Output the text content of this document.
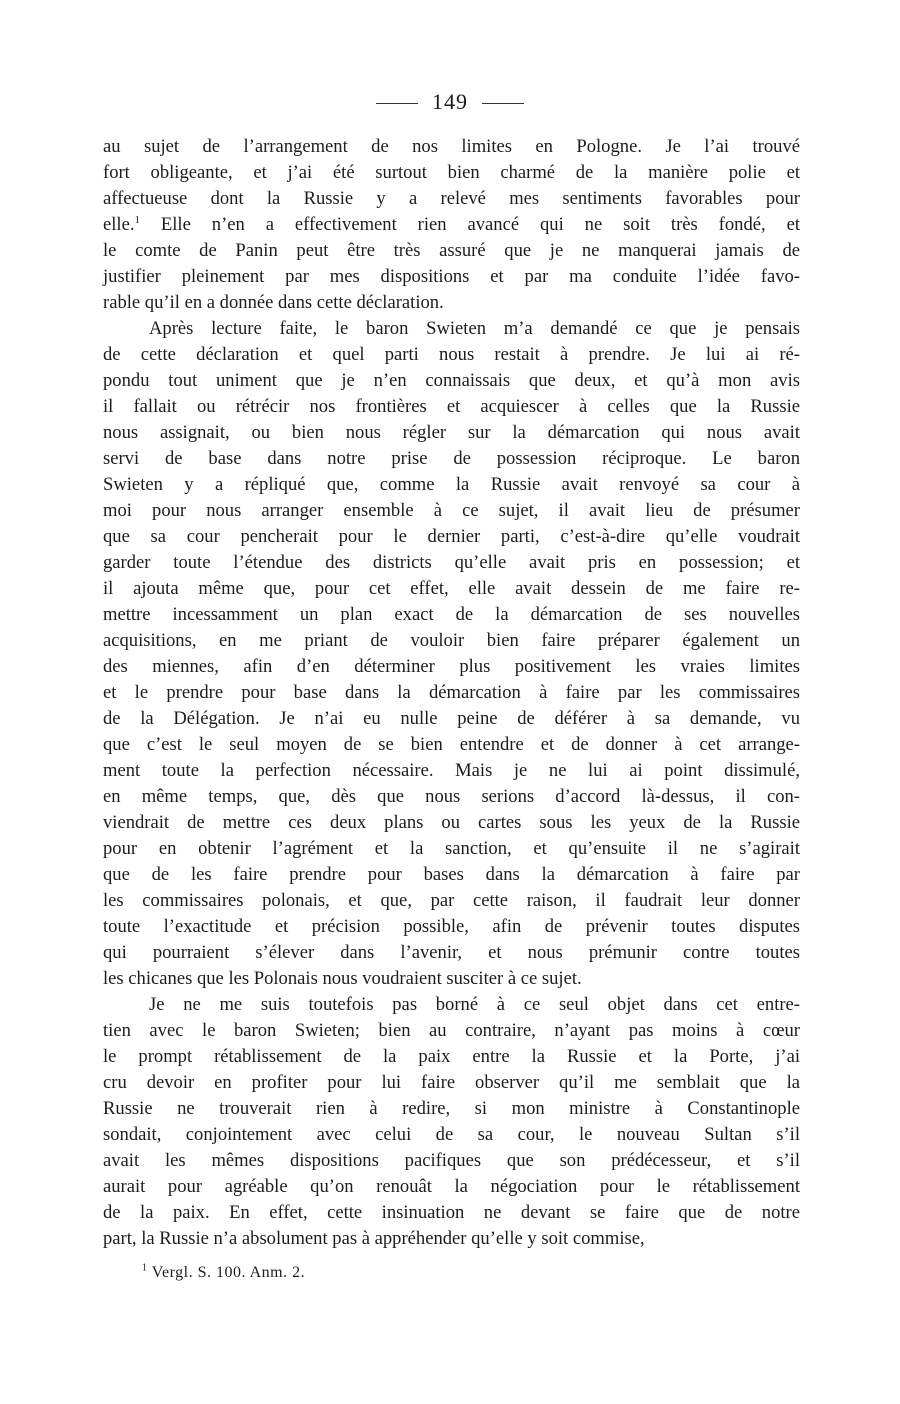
149
au sujet de l’arrangement de nos limites en Pologne. Je l’ai trouvé
fort obligeante, et j’ai été surtout bien charmé de la manière polie et
affectueuse dont la Russie y a relevé mes sentiments favorables pour
elle.$^1$ Elle n’en a effectivement rien avancé qui ne soit très fondé, et
le comte de Panin peut être très assuré que je ne manquerai jamais de
justifier pleinement par mes dispositions et par ma conduite l’idée favo-
rable qu’il en a donnée dans cette déclaration.
Après lecture faite, le baron Swieten m’a demandé ce que je pensais
de cette déclaration et quel parti nous restait à prendre. Je lui ai ré-
pondu tout uniment que je n’en connaissais que deux, et qu’à mon avis
il fallait ou rétrécir nos frontières et acquiescer à celles que la Russie
nous assignait, ou bien nous régler sur la démarcation qui nous avait
servi de base dans notre prise de possession réciproque. Le baron
Swieten y a répliqué que, comme la Russie avait renvoyé sa cour à
moi pour nous arranger ensemble à ce sujet, il avait lieu de présumer
que sa cour pencherait pour le dernier parti, c’est-à-dire qu’elle voudrait
garder toute l’étendue des districts qu’elle avait pris en possession; et
il ajouta même que, pour cet effet, elle avait dessein de me faire re-
mettre incessamment un plan exact de la démarcation de ses nouvelles
acquisitions, en me priant de vouloir bien faire préparer également un
des miennes, afin d’en déterminer plus positivement les vraies limites
et le prendre pour base dans la démarcation à faire par les commissaires
de la Délégation. Je n’ai eu nulle peine de déférer à sa demande, vu
que c’est le seul moyen de se bien entendre et de donner à cet arrange-
ment toute la perfection nécessaire. Mais je ne lui ai point dissimulé,
en même temps, que, dès que nous serions d’accord là-dessus, il con-
viendrait de mettre ces deux plans ou cartes sous les yeux de la Russie
pour en obtenir l’agrément et la sanction, et qu’ensuite il ne s’agirait
que de les faire prendre pour bases dans la démarcation à faire par
les commissaires polonais, et que, par cette raison, il faudrait leur donner
toute l’exactitude et précision possible, afin de prévenir toutes disputes
qui pourraient s’élever dans l’avenir, et nous prémunir contre toutes
les chicanes que les Polonais nous voudraient susciter à ce sujet.
Je ne me suis toutefois pas borné à ce seul objet dans cet entre-
tien avec le baron Swieten; bien au contraire, n’ayant pas moins à cœur
le prompt rétablissement de la paix entre la Russie et la Porte, j’ai
cru devoir en profiter pour lui faire observer qu’il me semblait que la
Russie ne trouverait rien à redire, si mon ministre à Constantinople
sondait, conjointement avec celui de sa cour, le nouveau Sultan s’il
avait les mêmes dispositions pacifiques que son prédécesseur, et s’il
aurait pour agréable qu’on renouât la négociation pour le rétablissement
de la paix. En effet, cette insinuation ne devant se faire que de notre
part, la Russie n’a absolument pas à appréhender qu’elle y soit commise,
$^1$ Vergl. S. 100. Anm. 2.
